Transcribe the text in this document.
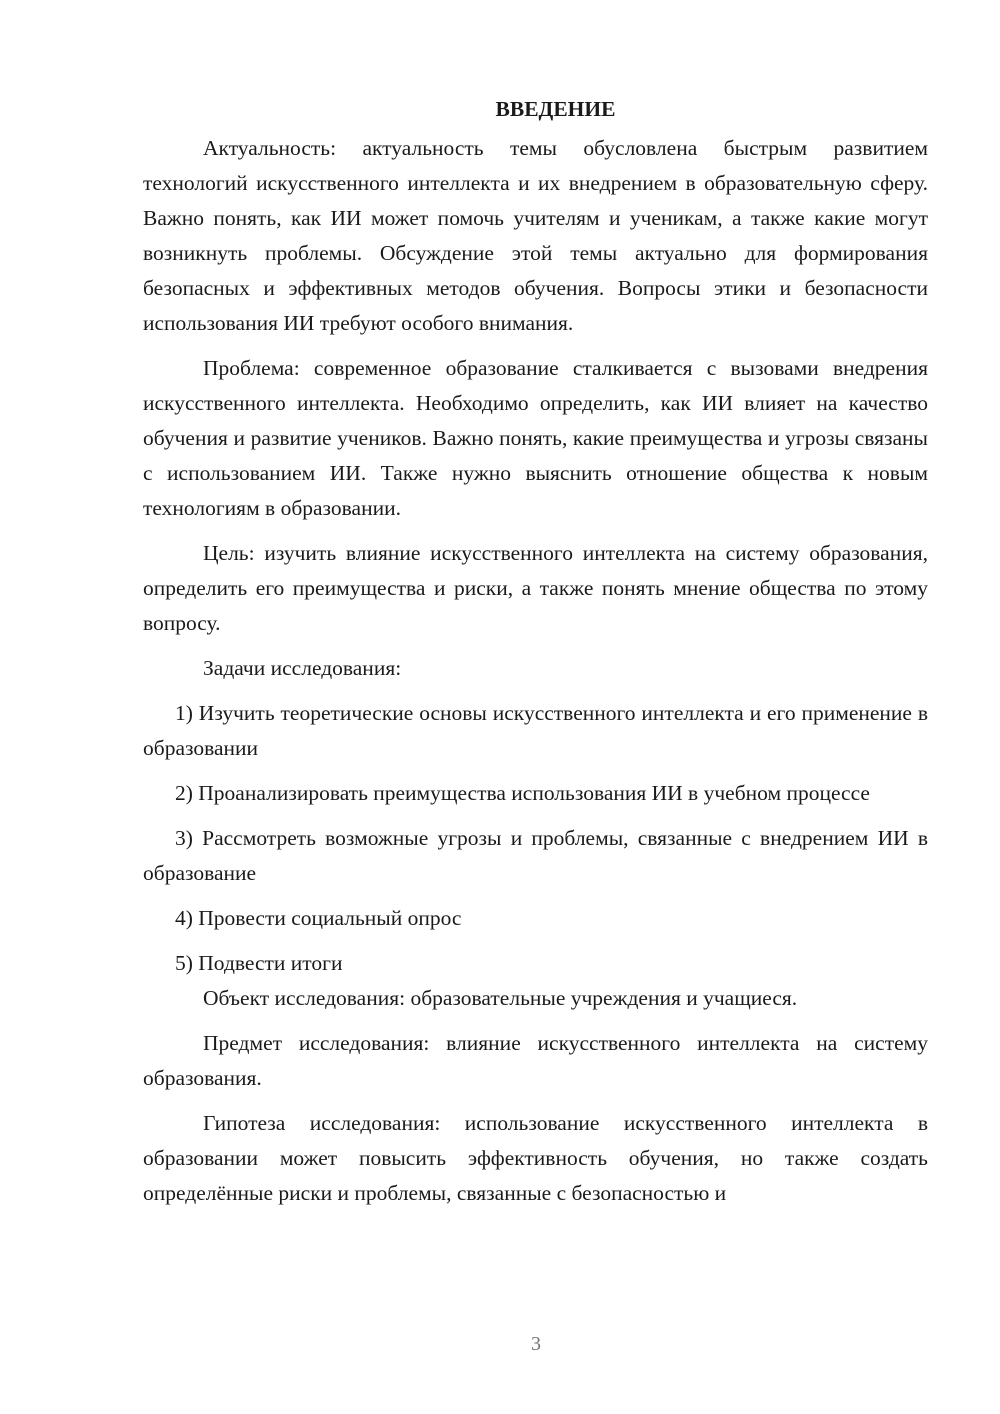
ВВЕДЕНИЕ

Актуальность: актуальность темы обусловлена быстрым развитием технологий искусственного интеллекта и их внедрением в образовательную сферу. Важно понять, как ИИ может помочь учителям и ученикам, а также какие могут возникнуть проблемы. Обсуждение этой темы актуально для формирования безопасных и эффективных методов обучения. Вопросы этики и безопасности использования ИИ требуют особого внимания.

Проблема: современное образование сталкивается с вызовами внедрения искусственного интеллекта. Необходимо определить, как ИИ влияет на качество обучения и развитие учеников. Важно понять, какие преимущества и угрозы связаны с использованием ИИ. Также нужно выяснить отношение общества к новым технологиям в образовании.

Цель: изучить влияние искусственного интеллекта на систему образования, определить его преимущества и риски, а также понять мнение общества по этому вопросу.

Задачи исследования:

1) Изучить теоретические основы искусственного интеллекта и его применение в образовании

2) Проанализировать преимущества использования ИИ в учебном процессе

3) Рассмотреть возможные угрозы и проблемы, связанные с внедрением ИИ в образование

4) Провести социальный опрос

5) Подвести итоги

Объект исследования: образовательные учреждения и учащиеся.

Предмет исследования: влияние искусственного интеллекта на систему образования.

Гипотеза исследования: использование искусственного интеллекта в образовании может повысить эффективность обучения, но также создать определённые риски и проблемы, связанные с безопасностью и

3
